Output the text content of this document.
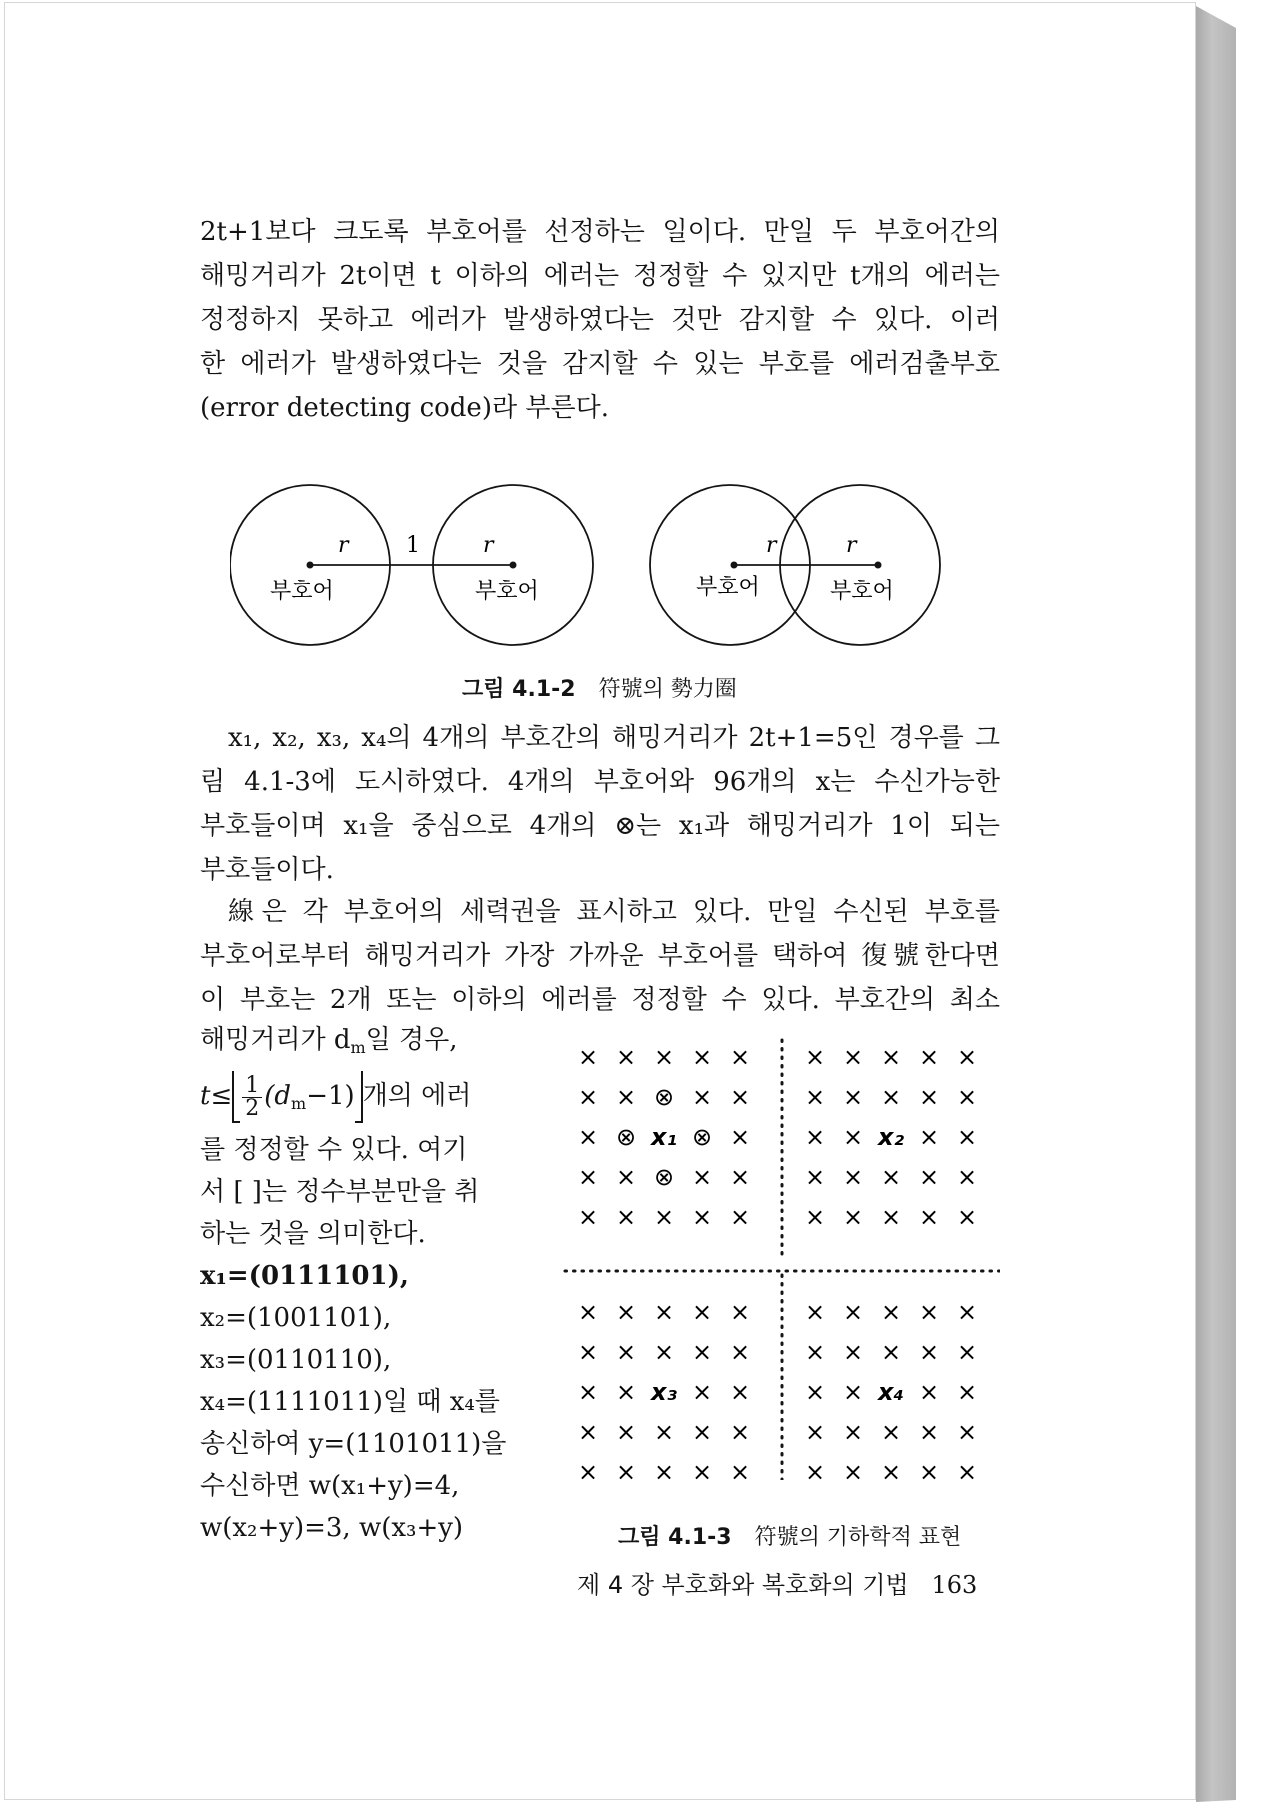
2t+1보다 크도록 부호어를 선정하는 일이다. 만일 두 부호어간의
해밍거리가 2t이면 t 이하의 에러는 정정할 수 있지만 t개의 에러는
정정하지 못하고 에러가 발생하였다는 것만 감지할 수 있다. 이러
한 에러가 발생하였다는 것을 감지할 수 있는 부호를 에러검출부호
(error detecting code)라 부른다.
r	1	r
부호어	부호어
r	r
부호어	부호어
그림 4.1-2 符號의 勢力圈
x₁, x₂, x₃, x₄의 4개의 부호간의 해밍거리가 2t+1=5인 경우를 그
림 4.1-3에 도시하였다. 4개의 부호어와 96개의 x는 수신가능한
부호들이며 x₁을 중심으로 4개의 ⊗는 x₁과 해밍거리가 1이 되는
부호들이다.
線은 각 부호어의 세력권을 표시하고 있다. 만일 수신된 부호를
부호어로부터 해밍거리가 가장 가까운 부호어를 택하여 復號한다면
이 부호는 2개 또는 이하의 에러를 정정할 수 있다. 부호간의 최소
해밍거리가 $d_m$일 경우,
$t\le \frac{1}{2} (d_m-1)$ 개의 에러
를 정정할 수 있다. 여기
서 [ ]는 정수부분만을 취
하는 것을 의미한다.
x₁=(0111101),
x₂=(1001101),
x₃=(0110110),
x₄=(1111011)일 때 x₄를
송신하여 y=(1101011)을
수신하면 w(x₁+y)=4,
w(x₂+y)=3, w(x₃+y)
× × × × ×
× × ⊗ × ×
× ⊗ x₁ ⊗ ×
× × ⊗ × ×
× × × × ×
× × × × ×
× × × × ×
× × x₂ × ×
× × × × ×
× × × × ×
× × × × ×
× × × × ×
× × x₃ × ×
× × × × ×
× × × × ×
× × × × ×
× × × × ×
× × x₄ × ×
× × × × ×
× × × × ×
그림 4.1-3 符號의 기하학적 표현
제 4 장 부호화와 복호화의 기법 163
